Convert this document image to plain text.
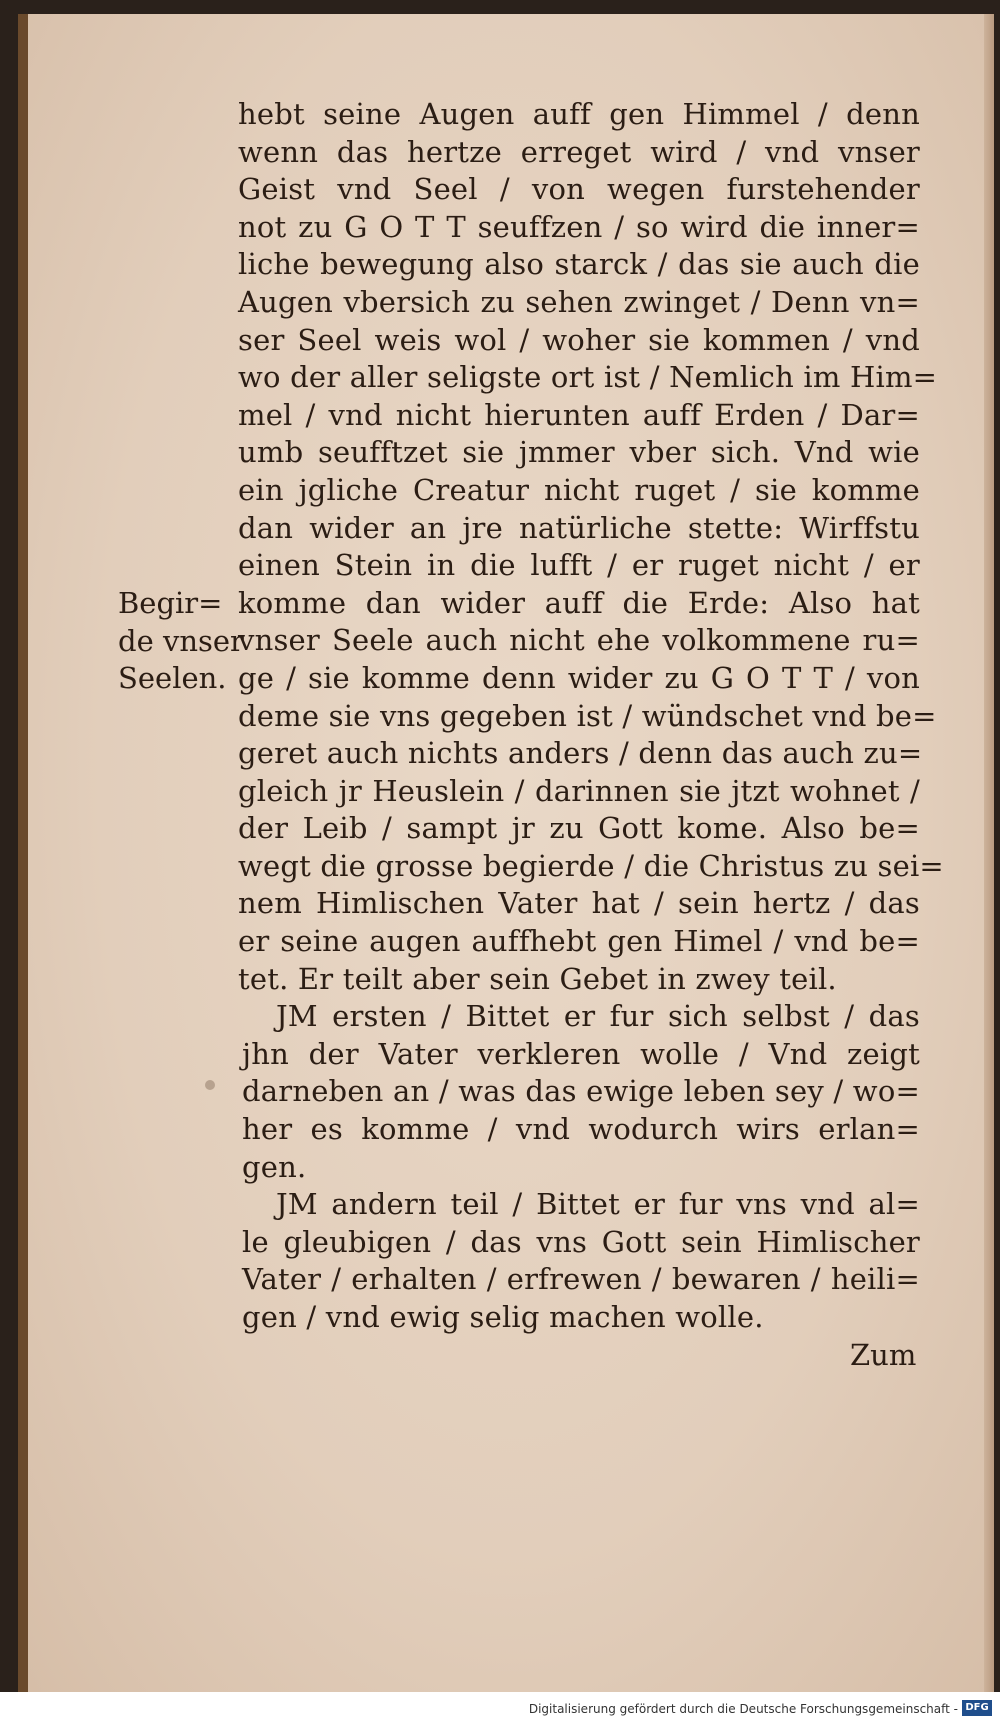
Begir=
de vnser
Seelen.
hebt seine Augen auff gen Himmel / denn
wenn das hertze erreget wird / vnd vnser
Geist vnd Seel / von wegen furstehender
not zu G O T T seuffzen / so wird die inner=
liche bewegung also starck / das sie auch die
Augen vbersich zu sehen zwinget / Denn vn=
ser Seel weis wol / woher sie kommen / vnd
wo der aller seligste ort ist / Nemlich im Him=
mel / vnd nicht hierunten auff Erden / Dar=
umb seufftzet sie jmmer vber sich. Vnd wie
ein jgliche Creatur nicht ruget / sie komme
dan wider an jre natürliche stette: Wirffstu
einen Stein in die lufft / er ruget nicht / er
komme dan wider auff die Erde: Also hat
vnser Seele auch nicht ehe volkommene ru=
ge / sie komme denn wider zu G O T T / von
deme sie vns gegeben ist / wündschet vnd be=
geret auch nichts anders / denn das auch zu=
gleich jr Heuslein / darinnen sie jtzt wohnet /
der Leib / sampt jr zu Gott kome. Also be=
wegt die grosse begierde / die Christus zu sei=
nem Himlischen Vater hat / sein hertz / das
er seine augen auffhebt gen Himel / vnd be=
tet. Er teilt aber sein Gebet in zwey teil.
JM ersten / Bittet er fur sich selbst / das
jhn der Vater verkleren wolle / Vnd zeigt
darneben an / was das ewige leben sey / wo=
her es komme / vnd wodurch wirs erlan=
gen.
JM andern teil / Bittet er fur vns vnd al=
le gleubigen / das vns Gott sein Himlischer
Vater / erhalten / erfrewen / bewaren / heili=
gen / vnd ewig selig machen wolle.
Zum
Digitalisierung gefördert durch die Deutsche Forschungsgemeinschaft - DFG
